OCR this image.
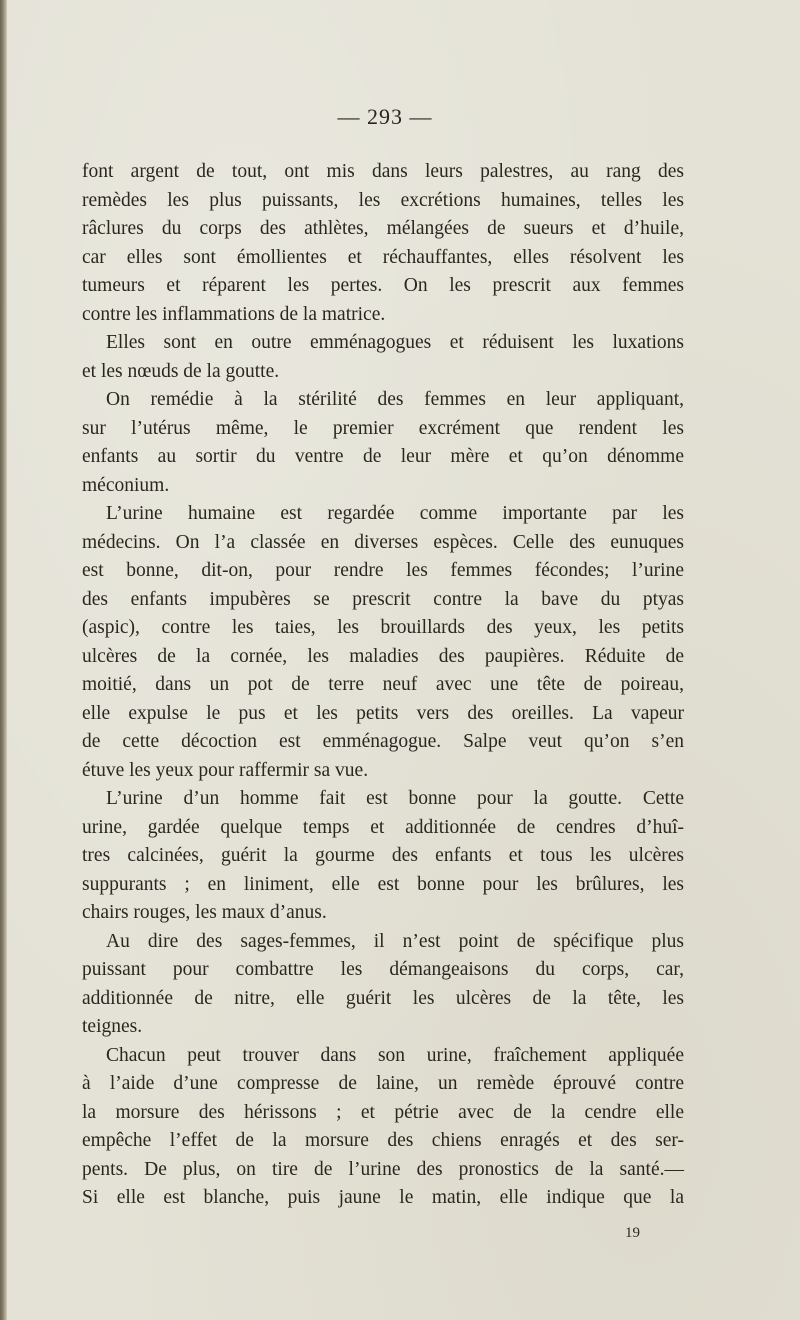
— 293 —
font argent de tout, ont mis dans leurs palestres, au rang des
remèdes les plus puissants, les excrétions humaines, telles les
râclures du corps des athlètes, mélangées de sueurs et d’huile,
car elles sont émollientes et réchauffantes, elles résolvent les
tumeurs et réparent les pertes. On les prescrit aux femmes
contre les inflammations de la matrice.
Elles sont en outre emménagogues et réduisent les luxations
et les nœuds de la goutte.
On remédie à la stérilité des femmes en leur appliquant,
sur l’utérus même, le premier excrément que rendent les
enfants au sortir du ventre de leur mère et qu’on dénomme
méconium.
L’urine humaine est regardée comme importante par les
médecins. On l’a classée en diverses espèces. Celle des eunuques
est bonne, dit-on, pour rendre les femmes fécondes; l’urine
des enfants impubères se prescrit contre la bave du ptyas
(aspic), contre les taies, les brouillards des yeux, les petits
ulcères de la cornée, les maladies des paupières. Réduite de
moitié, dans un pot de terre neuf avec une tête de poireau,
elle expulse le pus et les petits vers des oreilles. La vapeur
de cette décoction est emménagogue. Salpe veut qu’on s’en
étuve les yeux pour raffermir sa vue.
L’urine d’un homme fait est bonne pour la goutte. Cette
urine, gardée quelque temps et additionnée de cendres d’huî-
tres calcinées, guérit la gourme des enfants et tous les ulcères
suppurants ; en liniment, elle est bonne pour les brûlures, les
chairs rouges, les maux d’anus.
Au dire des sages-femmes, il n’est point de spécifique plus
puissant pour combattre les démangeaisons du corps, car,
additionnée de nitre, elle guérit les ulcères de la tête, les
teignes.
Chacun peut trouver dans son urine, fraîchement appliquée
à l’aide d’une compresse de laine, un remède éprouvé contre
la morsure des hérissons ; et pétrie avec de la cendre elle
empêche l’effet de la morsure des chiens enragés et des ser-
pents. De plus, on tire de l’urine des pronostics de la santé.—
Si elle est blanche, puis jaune le matin, elle indique que la
19
